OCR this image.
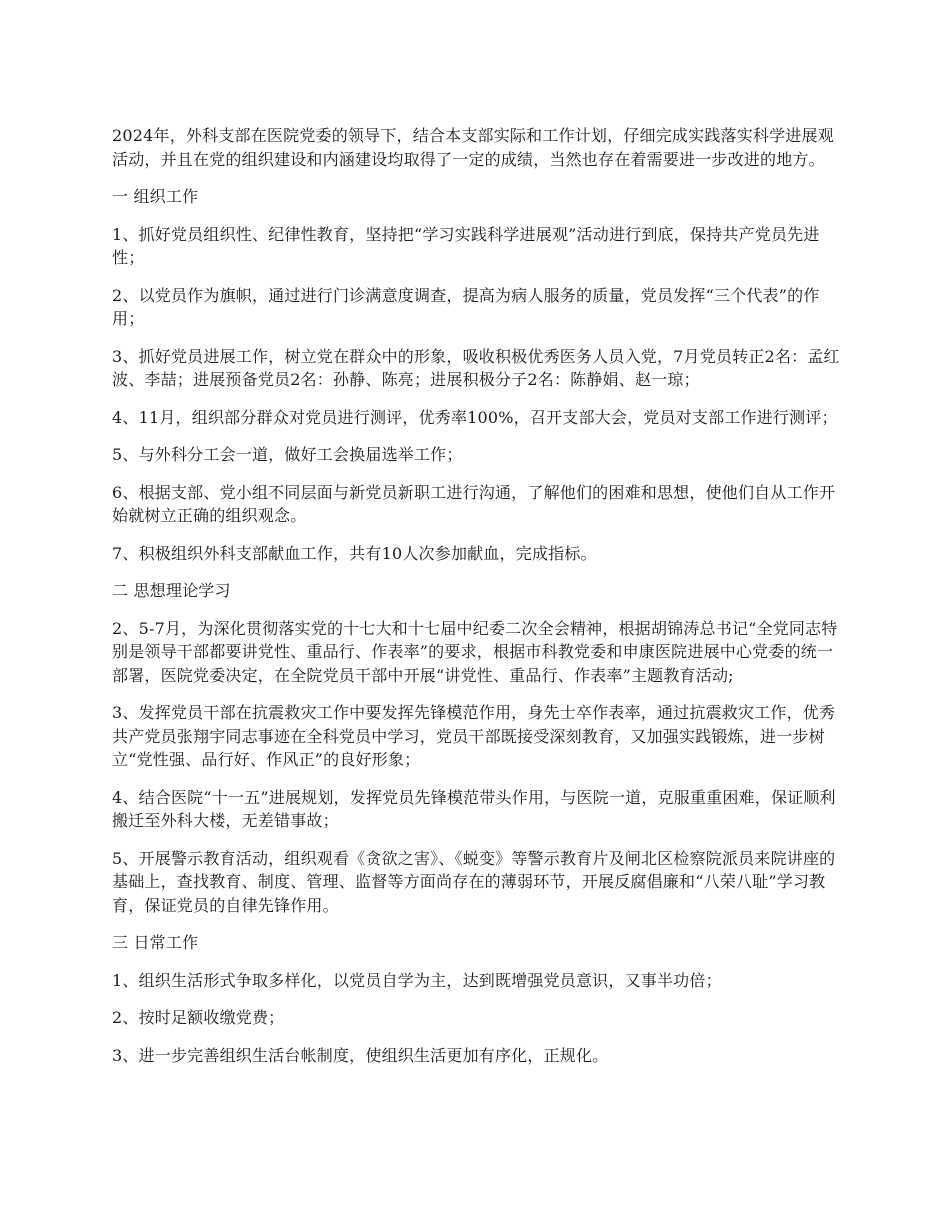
2024年，外科支部在医院党委的领导下，结合本支部实际和工作计划，仔细完成实践落实科学进展观活动，并且在党的组织建设和内涵建设均取得了一定的成绩，当然也存在着需要进一步改进的地方。

一 组织工作

1、抓好党员组织性、纪律性教育，坚持把“学习实践科学进展观”活动进行到底，保持共产党员先进性；

2、以党员作为旗帜，通过进行门诊满意度调查，提高为病人服务的质量，党员发挥“三个代表”的作用；

3、抓好党员进展工作，树立党在群众中的形象，吸收积极优秀医务人员入党，7月党员转正2名：孟红波、李喆；进展预备党员2名：孙静、陈亮；进展积极分子2名：陈静娟、赵一琼；

4、11月，组织部分群众对党员进行测评，优秀率100%，召开支部大会，党员对支部工作进行测评；

5、与外科分工会一道，做好工会换届选举工作；

6、根据支部、党小组不同层面与新党员新职工进行沟通，了解他们的困难和思想，使他们自从工作开始就树立正确的组织观念。

7、积极组织外科支部献血工作，共有10人次参加献血，完成指标。

二 思想理论学习

2、5-7月，为深化贯彻落实党的十七大和十七届中纪委二次全会精神，根据胡锦涛总书记“全党同志特别是领导干部都要讲党性、重品行、作表率”的要求，根据市科教党委和申康医院进展中心党委的统一部署，医院党委决定，在全院党员干部中开展“讲党性、重品行、作表率”主题教育活动;

3、发挥党员干部在抗震救灾工作中要发挥先锋模范作用，身先士卒作表率，通过抗震救灾工作，优秀共产党员张翔宇同志事迹在全科党员中学习，党员干部既接受深刻教育，又加强实践锻炼，进一步树立“党性强、品行好、作风正”的良好形象；

4、结合医院“十一五”进展规划，发挥党员先锋模范带头作用，与医院一道，克服重重困难，保证顺利搬迁至外科大楼，无差错事故；

5、开展警示教育活动，组织观看《贪欲之害》、《蜕变》等警示教育片及闸北区检察院派员来院讲座的基础上，查找教育、制度、管理、监督等方面尚存在的薄弱环节，开展反腐倡廉和“八荣八耻”学习教育，保证党员的自律先锋作用。

三 日常工作

1、组织生活形式争取多样化，以党员自学为主，达到既增强党员意识，又事半功倍；

2、按时足额收缴党费；

3、进一步完善组织生活台帐制度，使组织生活更加有序化，正规化。
